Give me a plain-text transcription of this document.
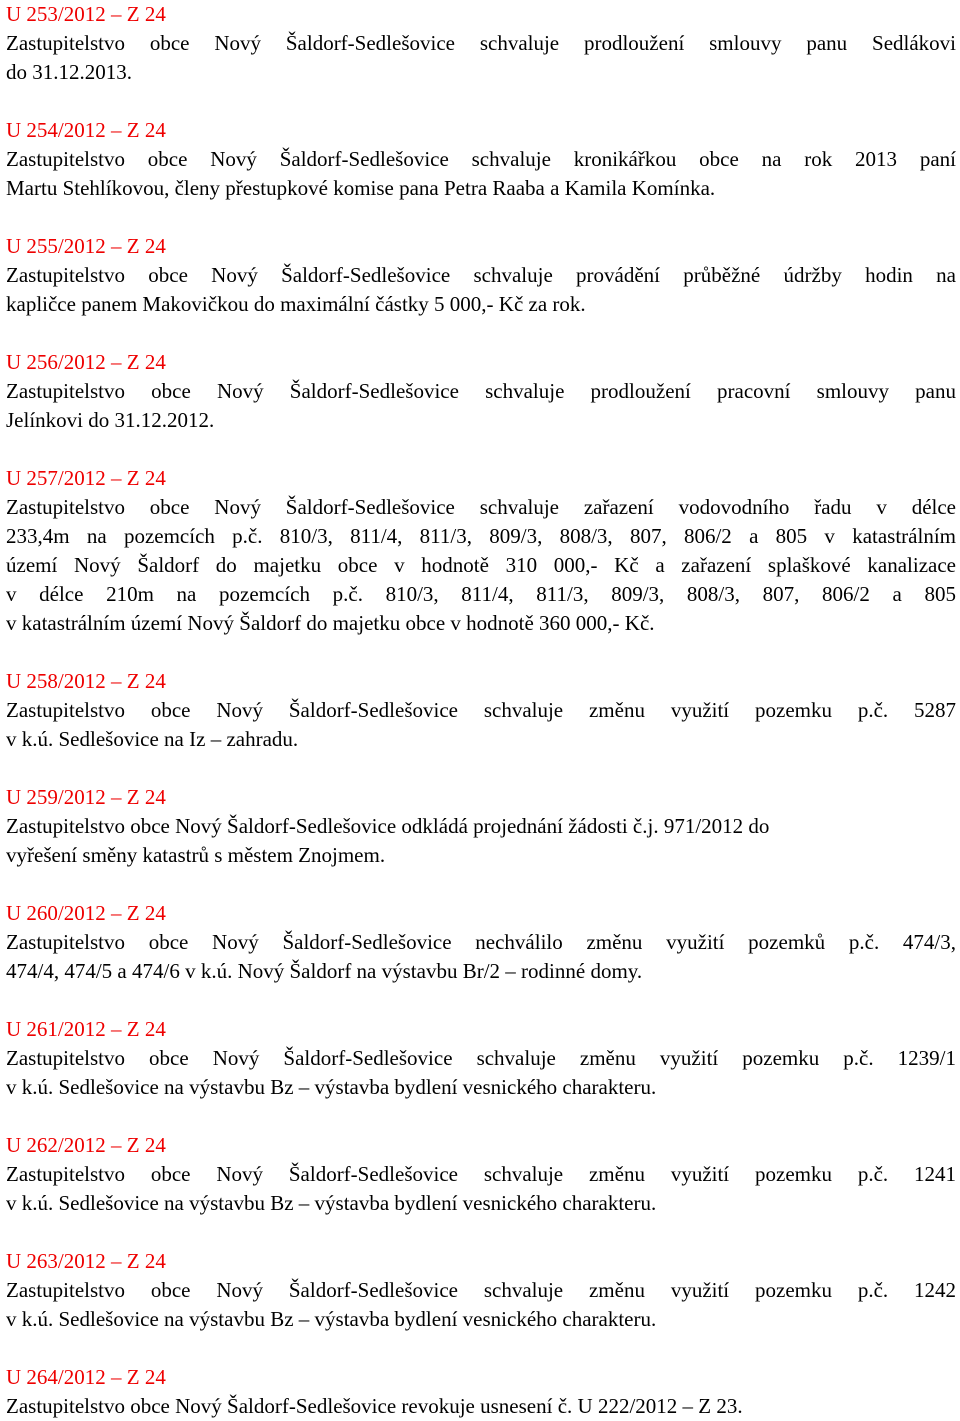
U 253/2012 – Z 24
Zastupitelstvo obce Nový Šaldorf-Sedlešovice schvaluje prodloužení smlouvy panu Sedlákovi
do 31.12.2013.
U 254/2012 – Z 24
Zastupitelstvo obce Nový Šaldorf-Sedlešovice schvaluje kronikářkou obce na rok 2013 paní
Martu Stehlíkovou, členy přestupkové komise pana Petra Raaba a Kamila Komínka.
U 255/2012 – Z 24
Zastupitelstvo obce Nový Šaldorf-Sedlešovice schvaluje provádění průběžné údržby hodin na
kapličce panem Makovičkou do maximální částky 5 000,- Kč za rok.
U 256/2012 – Z 24
Zastupitelstvo obce Nový Šaldorf-Sedlešovice schvaluje prodloužení pracovní smlouvy panu
Jelínkovi do 31.12.2012.
U 257/2012 – Z 24
Zastupitelstvo obce Nový Šaldorf-Sedlešovice schvaluje zařazení vodovodního řadu v délce
233,4m na pozemcích p.č. 810/3, 811/4, 811/3, 809/3, 808/3, 807, 806/2 a 805 v katastrálním
území Nový Šaldorf do majetku obce v hodnotě 310 000,- Kč a zařazení splaškové kanalizace
v délce 210m na pozemcích p.č. 810/3, 811/4, 811/3, 809/3, 808/3, 807, 806/2 a 805
v katastrálním území Nový Šaldorf do majetku obce v hodnotě 360 000,- Kč.
U 258/2012 – Z 24
Zastupitelstvo obce Nový Šaldorf-Sedlešovice schvaluje změnu využití pozemku p.č. 5287
v k.ú. Sedlešovice na Iz – zahradu.
U 259/2012 – Z 24
Zastupitelstvo obce Nový Šaldorf-Sedlešovice odkládá projednání žádosti č.j. 971/2012 do
vyřešení směny katastrů s městem Znojmem.
U 260/2012 – Z 24
Zastupitelstvo obce Nový Šaldorf-Sedlešovice nechválilo změnu využití pozemků p.č. 474/3,
474/4, 474/5 a 474/6 v k.ú. Nový Šaldorf na výstavbu Br/2 – rodinné domy.
U 261/2012 – Z 24
Zastupitelstvo obce Nový Šaldorf-Sedlešovice schvaluje změnu využití pozemku p.č. 1239/1
v k.ú. Sedlešovice na výstavbu Bz – výstavba bydlení vesnického charakteru.
U 262/2012 – Z 24
Zastupitelstvo obce Nový Šaldorf-Sedlešovice schvaluje změnu využití pozemku p.č. 1241
v k.ú. Sedlešovice na výstavbu Bz – výstavba bydlení vesnického charakteru.
U 263/2012 – Z 24
Zastupitelstvo obce Nový Šaldorf-Sedlešovice schvaluje změnu využití pozemku p.č. 1242
v k.ú. Sedlešovice na výstavbu Bz – výstavba bydlení vesnického charakteru.
U 264/2012 – Z 24
Zastupitelstvo obce Nový Šaldorf-Sedlešovice revokuje usnesení č. U 222/2012 – Z 23.
